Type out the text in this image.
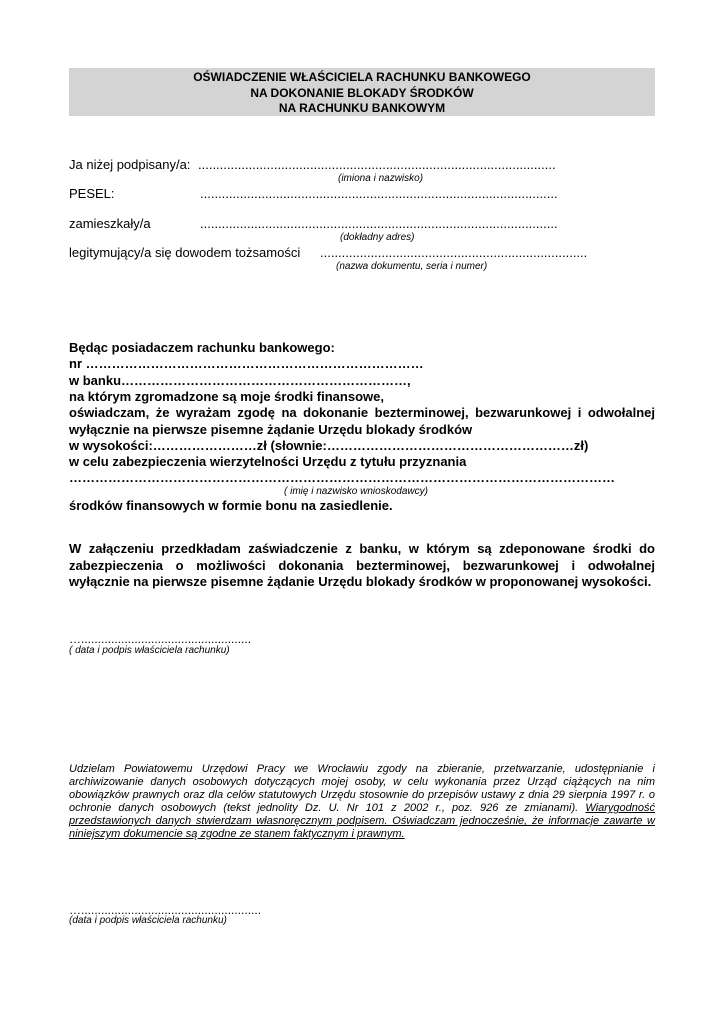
OŚWIADCZENIE WŁAŚCICIELA RACHUNKU BANKOWEGO
NA DOKONANIE BLOKADY ŚRODKÓW
NA RACHUNKU BANKOWYM
Ja niżej podpisany/a: ...................................................................................................
(imiona i nazwisko)
PESEL:	...................................................................................................
zamieszkały/a	...................................................................................................
(dokładny adres)
legitymujący/a się dowodem tożsamości ..........................................................................
(nazwa dokumentu, seria i numer)
Będąc posiadaczem rachunku bankowego:
nr ……………………………………………………………………
w banku…………………………………………………………,
na którym zgromadzone są moje środki finansowe,
oświadczam, że wyrażam zgodę na dokonanie bezterminowej, bezwarunkowej i odwołalnej wyłącznie na pierwsze pisemne żądanie Urzędu blokady środków
w wysokości:……………………zł (słownie:…………………………………………………zł)
w celu zabezpieczenia wierzytelności Urzędu z tytułu przyznania
………………………………………………………………………………………………………………
( imię i nazwisko wnioskodawcy)
środków finansowych w formie bonu na zasiedlenie.
W załączeniu przedkładam zaświadczenie z banku, w którym są zdeponowane środki do zabezpieczenia o możliwości dokonania bezterminowej, bezwarunkowej i odwołalnej wyłącznie na pierwsze pisemne żądanie Urzędu blokady środków w proponowanej wysokości.
…...................................................
( data i podpis właściciela rachunku)
Udzielam Powiatowemu Urzędowi Pracy we Wrocławiu zgody na zbieranie, przetwarzanie, udostępnianie i archiwizowanie danych osobowych dotyczących mojej osoby, w celu wykonania przez Urząd ciążących na nim obowiązków prawnych oraz dla celów statutowych Urzędu stosownie do przepisów ustawy z dnia 29 sierpnia 1997 r. o ochronie danych osobowych (tekst jednolity Dz. U. Nr 101 z 2002 r., poz. 926 ze zmianami). Wiarygodność przedstawionych danych stwierdzam własnoręcznym podpisem. Oświadczam jednocześnie, że informacje zawarte w niniejszym dokumencie są zgodne ze stanem faktycznym i prawnym.
…......................................................
(data i podpis właściciela rachunku)
